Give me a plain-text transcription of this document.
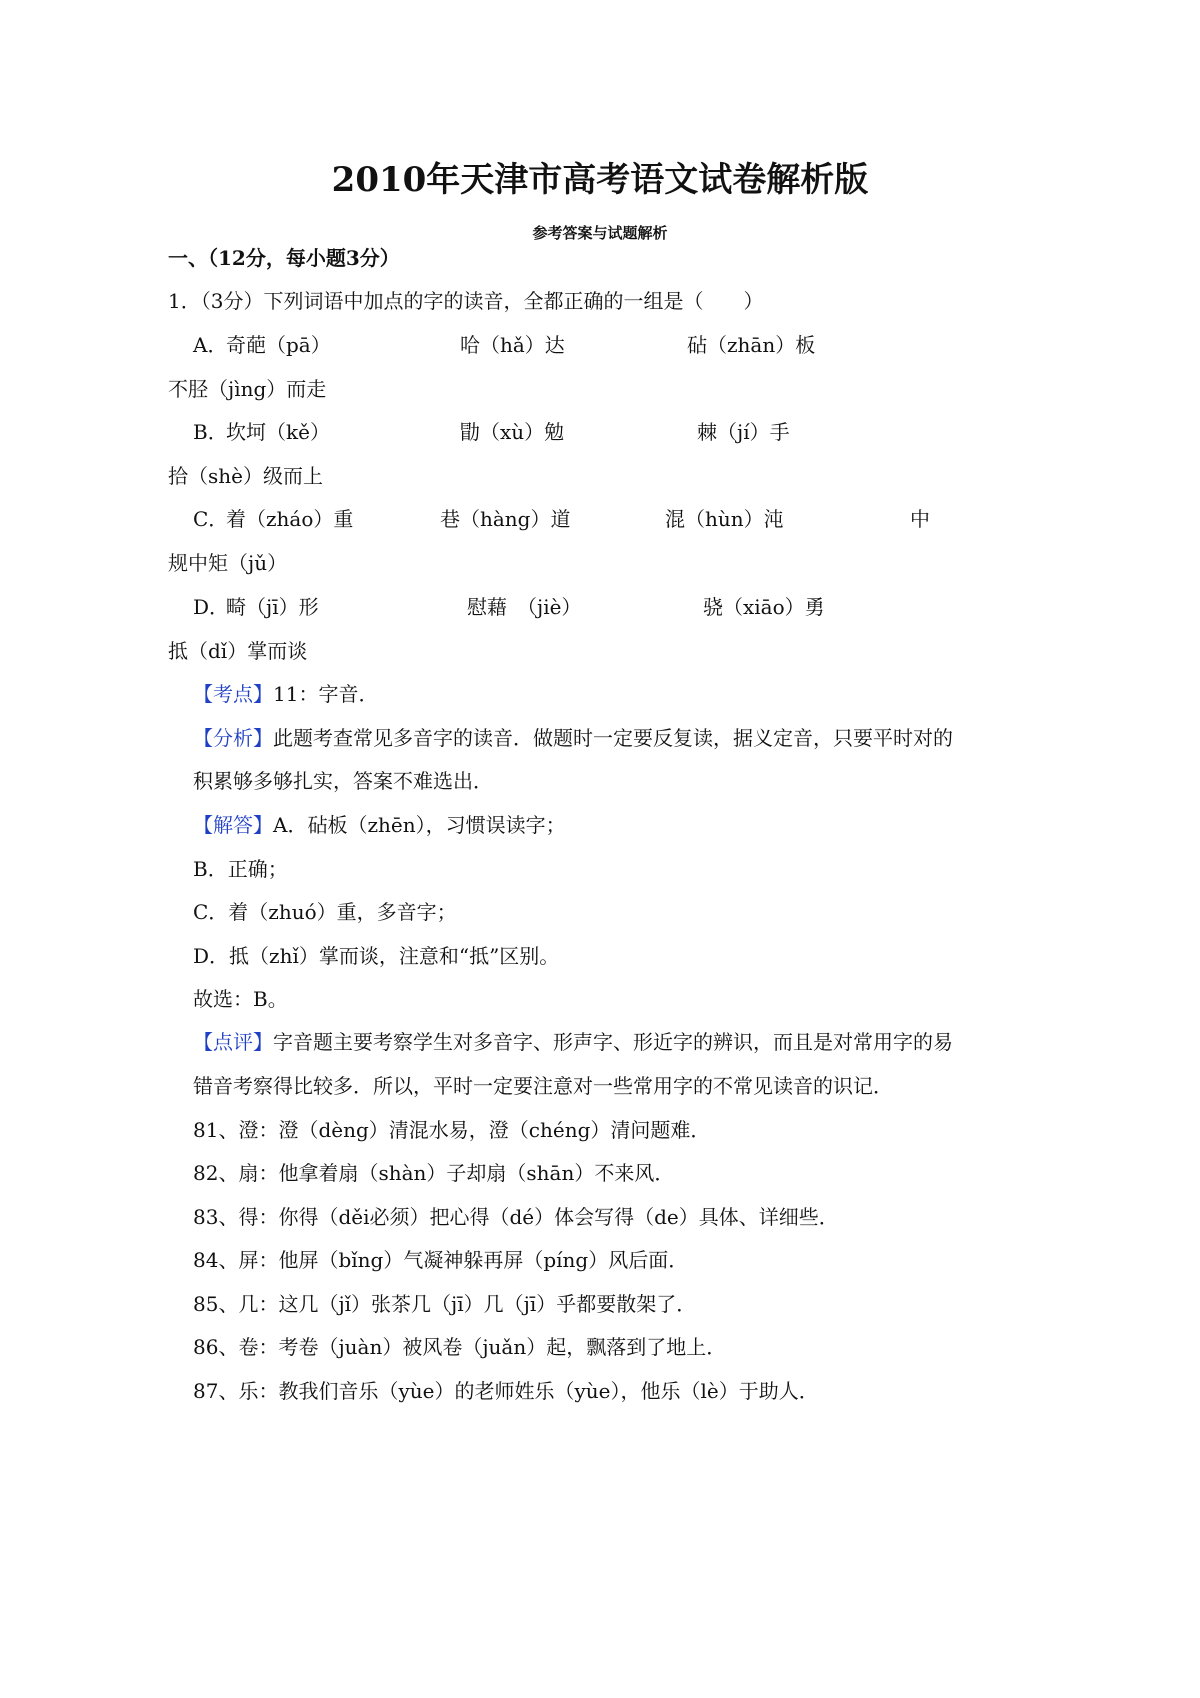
2010年天津市高考语文试卷解析版
参考答案与试题解析
一、（12分，每小题3分）
1．（3分）下列词语中加点的字的读音，全都正确的一组是（　　）
A．
奇葩（pā）	哈（hǎ）达	砧（zhān）板
不胫（jìng）而走
B．
坎坷（kě）	勖（xù）勉	棘（jí）手
拾（shè）级而上
C．
着（zháo）重	巷（hàng）道	混（hùn）沌	中
规中矩（jǔ）
D．
畸（jī）形	慰藉　（jiè）	骁（xiāo）勇
抵（dǐ）掌而谈
【考点】11：字音．
【分析】此题考查常见多音字的读音．做题时一定要反复读，据义定音，只要平时对的
积累够多够扎实，答案不难选出．
【解答】A．砧板（zhēn），习惯误读字；
B．正确；
C．着（zhuó）重，多音字；
D．抵（zhǐ）掌而谈，注意和“抵”区别。
故选：B。
【点评】字音题主要考察学生对多音字、形声字、形近字的辨识，而且是对常用字的易
错音考察得比较多．所以，平时一定要注意对一些常用字的不常见读音的识记．
81、澄：澄（dèng）清混水易，澄（chéng）清问题难．
82、扇：他拿着扇（shàn）子却扇（shān）不来风．
83、得：你得（děi必须）把心得（dé）体会写得（de）具体、详细些．
84、屏：他屏（bǐng）气凝神躲再屏（píng）风后面．
85、几：这几（jǐ）张茶几（jī）几（jī）乎都要散架了．
86、卷：考卷（juàn）被风卷（juǎn）起，飘落到了地上．
87、乐：教我们音乐（yùe）的老师姓乐（yùe），他乐（lè）于助人．
